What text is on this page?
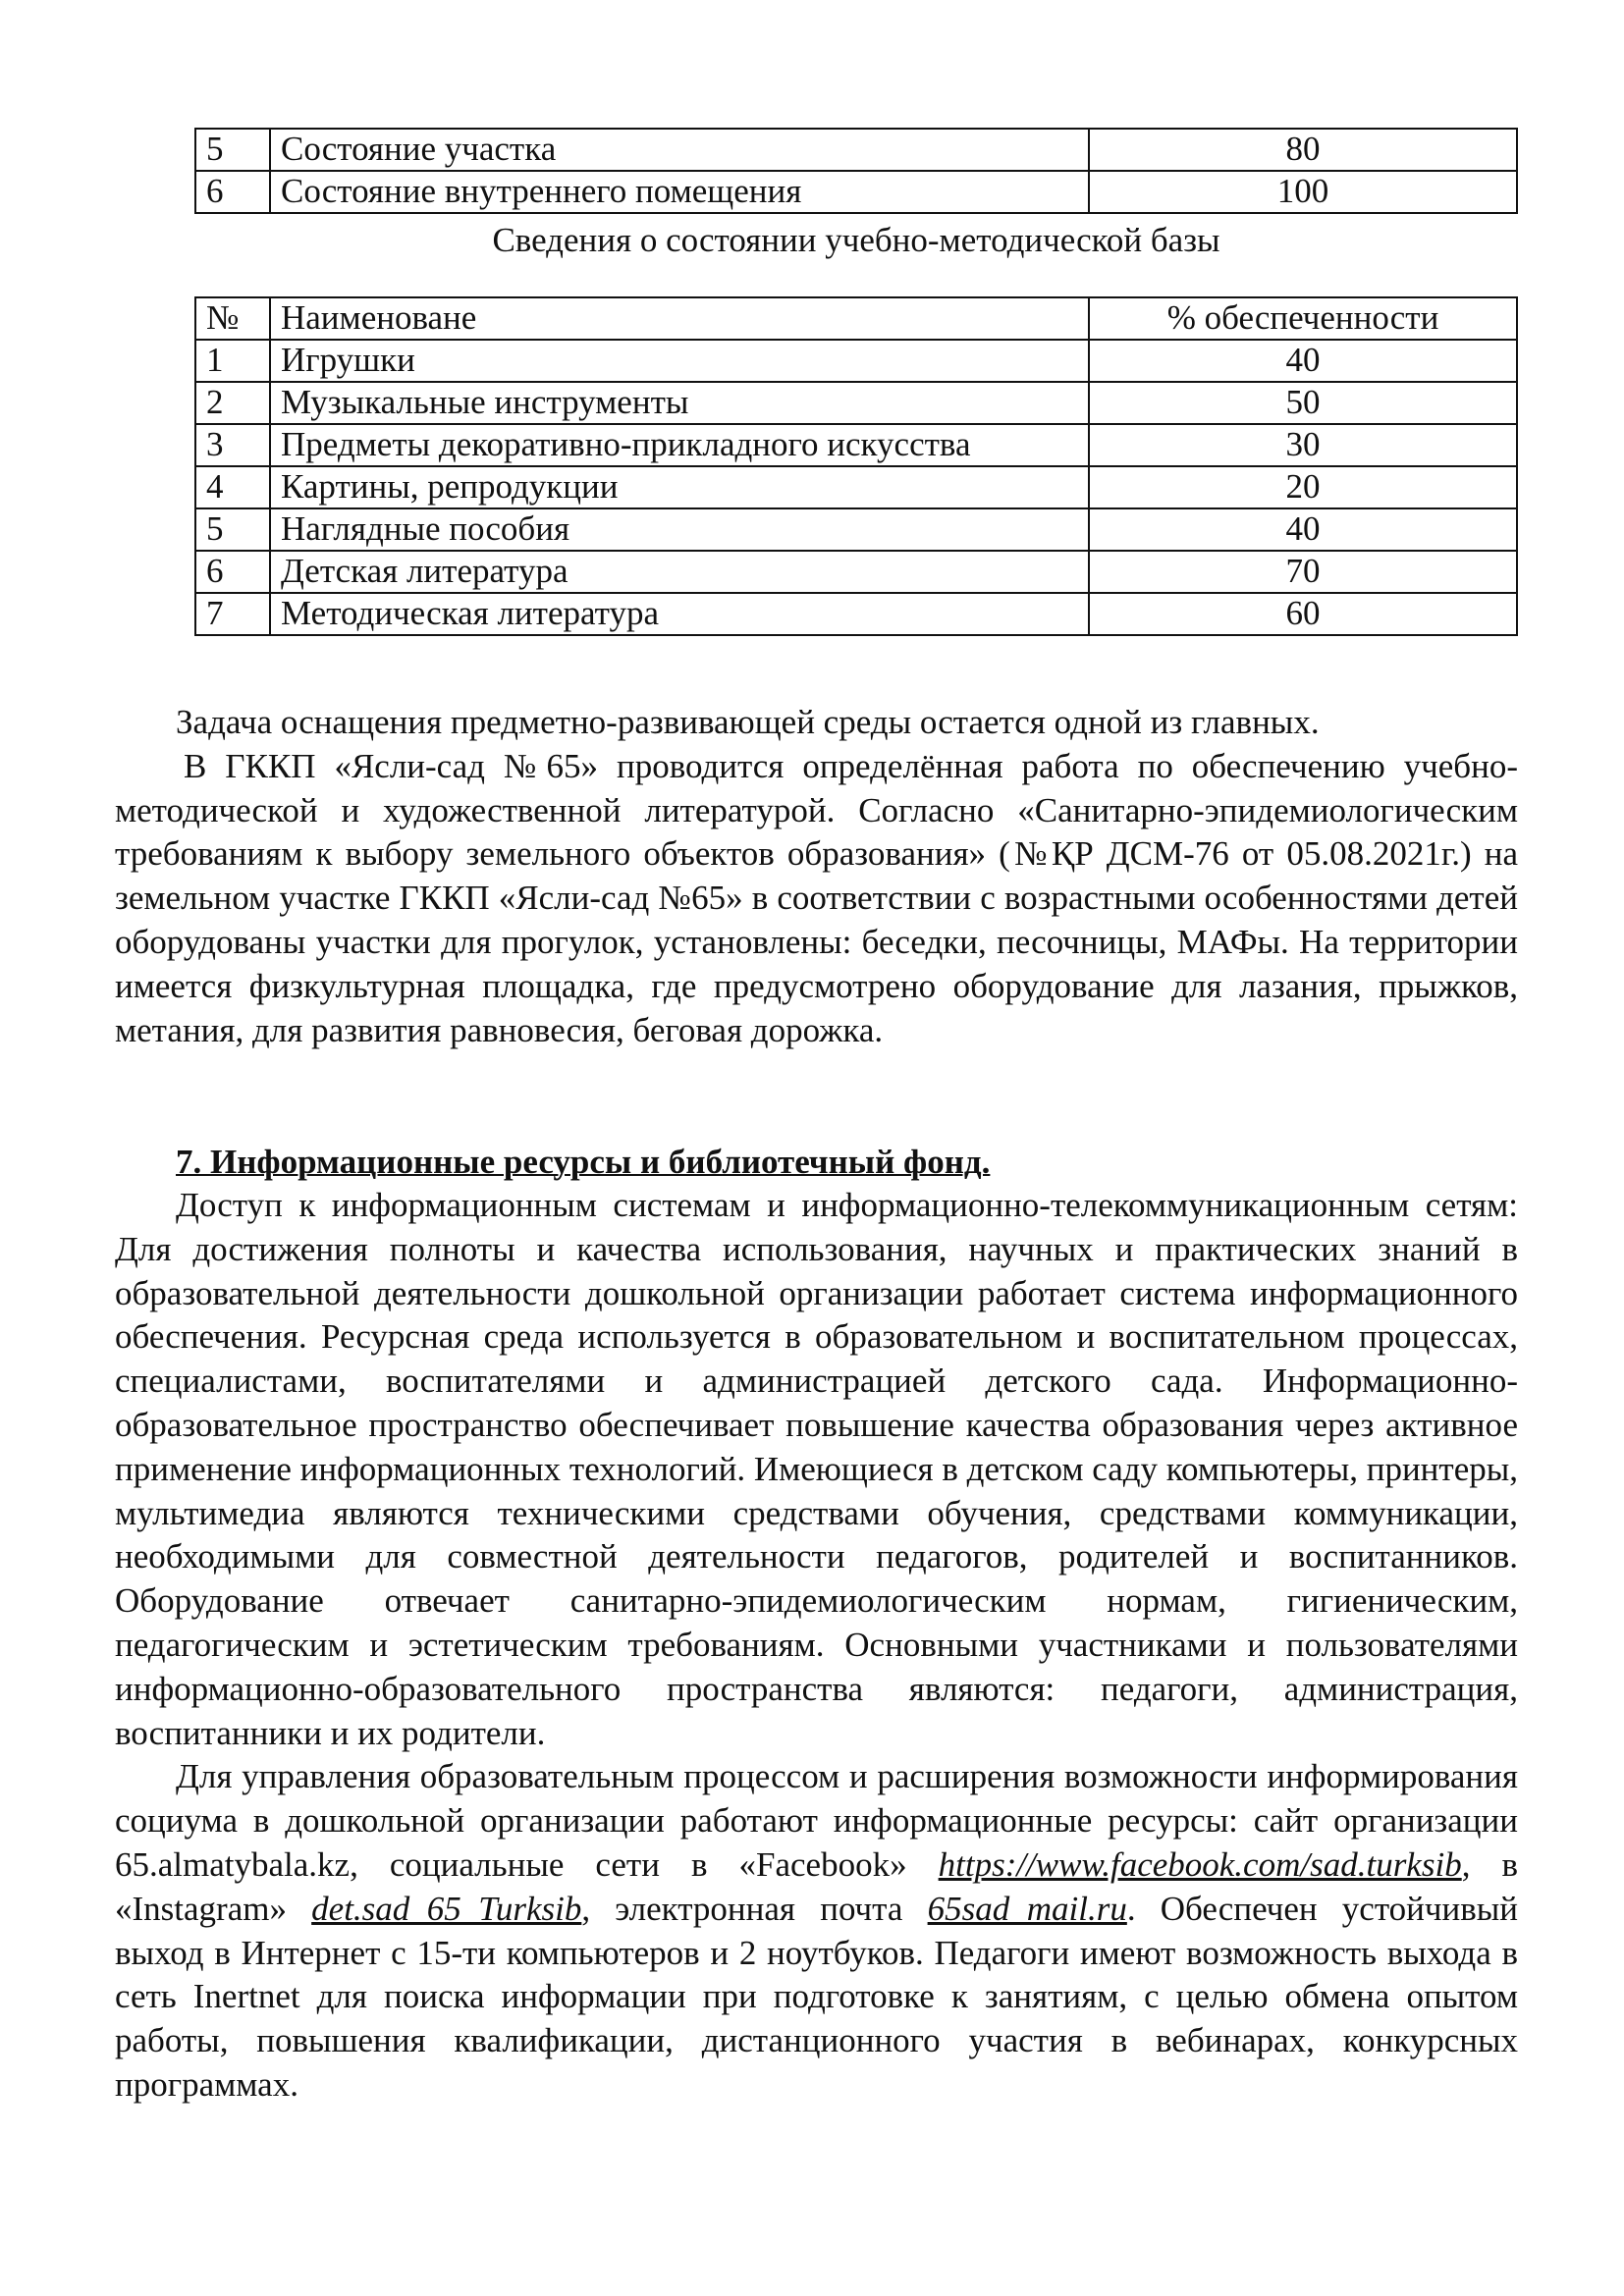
5	Состояние участка	80
6	Состояние внутреннего помещения	100
Сведения о состоянии учебно-методической базы
№	Наименоване	% обеспеченности
1	Игрушки	40
2	Музыкальные инструменты	50
3	Предметы декоративно-прикладного искусства	30
4	Картины, репродукции	20
5	Наглядные пособия	40
6	Детская литература	70
7	Методическая литература	60

Задача оснащения предметно-развивающей среды остается одной из главных.

В ГККП «Ясли-сад №65» проводится определённая работа по обеспечению учебно-методической и художественной литературой. Согласно «Санитарно-эпидемиологическим требованиям к выбору земельного объектов образования» (№ҚР ДСМ-76 от 05.08.2021г.) на земельном участке ГККП «Ясли-сад №65» в соответствии с возрастными особенностями детей оборудованы участки для прогулок, установлены: беседки, песочницы, МАФы. На территории имеется физкультурная площадка, где предусмотрено оборудование для лазания, прыжков, метания, для развития равновесия, беговая дорожка.

7. Информационные ресурсы и библиотечный фонд.

Доступ к информационным системам и информационно-телекоммуникационным сетям: Для достижения полноты и качества использования, научных и практических знаний в образовательной деятельности дошкольной организации работает система информационного обеспечения. Ресурсная среда используется в образовательном и воспитательном процессах, специалистами, воспитателями и администрацией детского сада. Информационно-образовательное пространство обеспечивает повышение качества образования через активное применение информационных технологий. Имеющиеся в детском саду компьютеры, принтеры, мультимедиа являются техническими средствами обучения, средствами коммуникации, необходимыми для совместной деятельности педагогов, родителей и воспитанников. Оборудование отвечает санитарно-эпидемиологическим нормам, гигиеническим, педагогическим и эстетическим требованиям. Основными участниками и пользователями информационно-образовательного пространства являются: педагоги, администрация, воспитанники и их родители.

Для управления образовательным процессом и расширения возможности информирования социума в дошкольной организации работают информационные ресурсы: сайт организации 65.almatybala.kz, социальные сети в «Facebook» https://www.facebook.com/sad.turksib, в «Instagram» det.sad_65_Turksib, электронная почта 65sad_mail.ru. Обеспечен устойчивый выход в Интернет с 15-ти компьютеров и 2 ноутбуков. Педагоги имеют возможность выхода в сеть Inertnet для поиска информации при подготовке к занятиям, с целью обмена опытом работы, повышения квалификации, дистанционного участия в вебинарах, конкурсных программах.
